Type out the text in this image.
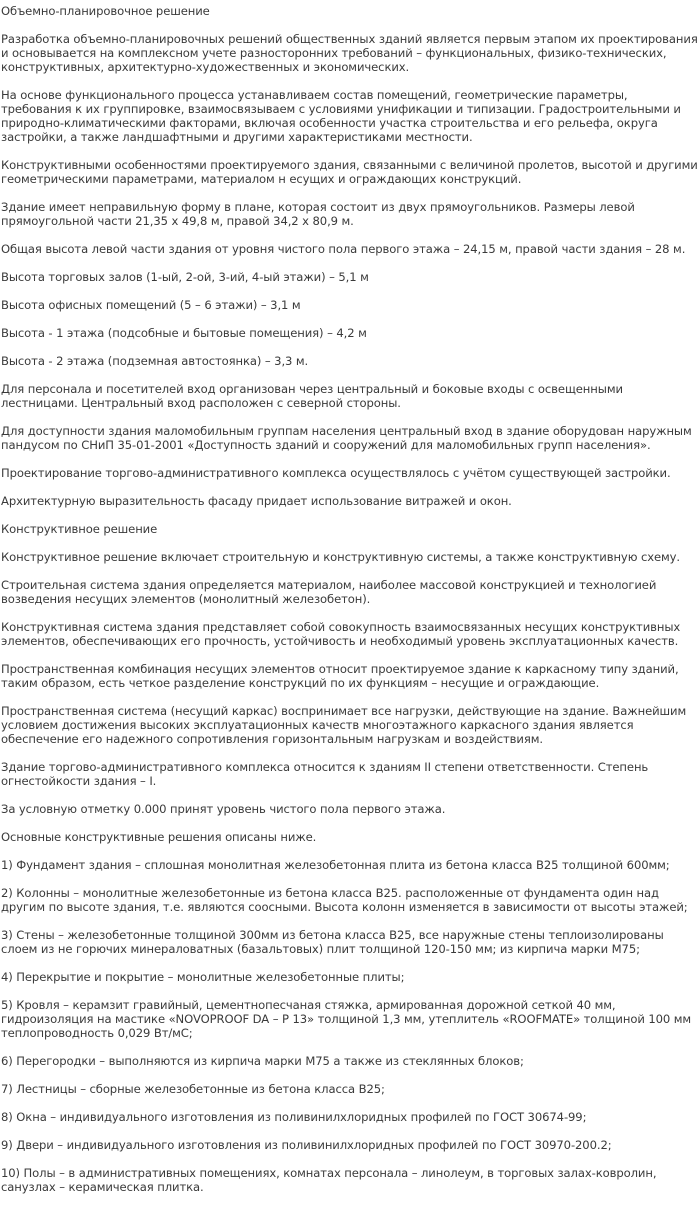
Объемно-планировочное решение

Разработка объемно-планировочных решений общественных зданий является первым этапом их проектирования и основывается на комплексном учете разносторонних требований – функциональных, физико-технических, конструктивных, архитектурно-художественных и экономических.

На основе функционального процесса устанавливаем состав помещений, геометрические параметры, требования к их группировке, взаимосвязываем с условиями унификации и типизации. Градостроительными и природно-климатическими факторами, включая особенности участка строительства и его рельефа, округа застройки, а также ландшафтными и другими характеристиками местности.

Конструктивными особенностями проектируемого здания, связанными с величиной пролетов, высотой и другими геометрическими параметрами, материалом н есущих и ограждающих конструкций.

Здание имеет неправильную форму в плане, которая состоит из двух прямоугольников. Размеры левой прямоугольной части 21,35 х 49,8 м, правой 34,2 х 80,9 м.

Общая высота левой части здания от уровня чистого пола первого этажа – 24,15 м, правой части здания – 28 м.

Высота торговых залов (1-ый, 2-ой, 3-ий, 4-ый этажи) – 5,1 м

Высота офисных помещений (5 – 6 этажи) – 3,1 м

Высота - 1 этажа (подсобные и бытовые помещения) – 4,2 м

Высота - 2 этажа (подземная автостоянка) – 3,3 м.

Для персонала и посетителей вход организован через центральный и боковые входы с освещенными лестницами. Центральный вход расположен с северной стороны.

Для доступности здания маломобильным группам населения центральный вход в здание оборудован наружным пандусом по СНиП 35-01-2001 «Доступность зданий и сооружений для маломобильных групп населения».

Проектирование торгово-административного комплекса осуществлялось с учётом существующей застройки.

Архитектурную выразительность фасаду придает использование витражей и окон.

Конструктивное решение

Конструктивное решение включает строительную и конструктивную системы, а также конструктивную схему.

Строительная система здания определяется материалом, наиболее массовой конструкцией и технологией возведения несущих элементов (монолитный железобетон).

Конструктивная система здания представляет собой совокупность взаимосвязанных несущих конструктивных элементов, обеспечивающих его прочность, устойчивость и необходимый уровень эксплуатационных качеств.

Пространственная комбинация несущих элементов относит проектируемое здание к каркасному типу зданий, таким образом, есть четкое разделение конструкций по их функциям – несущие и ограждающие.

Пространственная система (несущий каркас) воспринимает все нагрузки, действующие на здание. Важнейшим условием достижения высоких эксплуатационных качеств многоэтажного каркасного здания является обеспечение его надежного сопротивления горизонтальным нагрузкам и воздействиям.

Здание торгово-административного комплекса относится к зданиям II степени ответственности. Степень огнестойкости здания – I.

За условную отметку 0.000 принят уровень чистого пола первого этажа.

Основные конструктивные решения описаны ниже.

1) Фундамент здания – сплошная монолитная железобетонная плита из бетона класса В25 толщиной 600мм;

2) Колонны – монолитные железобетонные из бетона класса В25. расположенные от фундамента один над другим по высоте здания, т.е. являются соосными. Высота колонн изменяется в зависимости от высоты этажей;

3) Стены – железобетонные толщиной 300мм из бетона класса В25, все наружные стены теплоизолированы слоем из не горючих минераловатных (базальтовых) плит толщиной 120-150 мм; из кирпича марки М75;

4) Перекрытие и покрытие – монолитные железобетонные плиты;

5) Кровля – керамзит гравийный, цементнопесчаная стяжка, армированная дорожной сеткой 40 мм, гидроизоляция на мастике «NOVOPROOF DA – P 13» толщиной 1,3 мм, утеплитель «ROOFMATE» толщиной 100 мм теплопроводность 0,029 Вт/мС;

6) Перегородки – выполняются из кирпича марки М75 а также из стеклянных блоков;

7) Лестницы – сборные железобетонные из бетона класса В25;

8) Окна – индивидуального изготовления из поливинилхлоридных профилей по ГОСТ 30674-99;

9) Двери – индивидуального изготовления из поливинилхлоридных профилей по ГОСТ 30970-200.2;

10) Полы – в административных помещениях, комнатах персонала – линолеум, в торговых залах-ковролин, санузлах – керамическая плитка.
